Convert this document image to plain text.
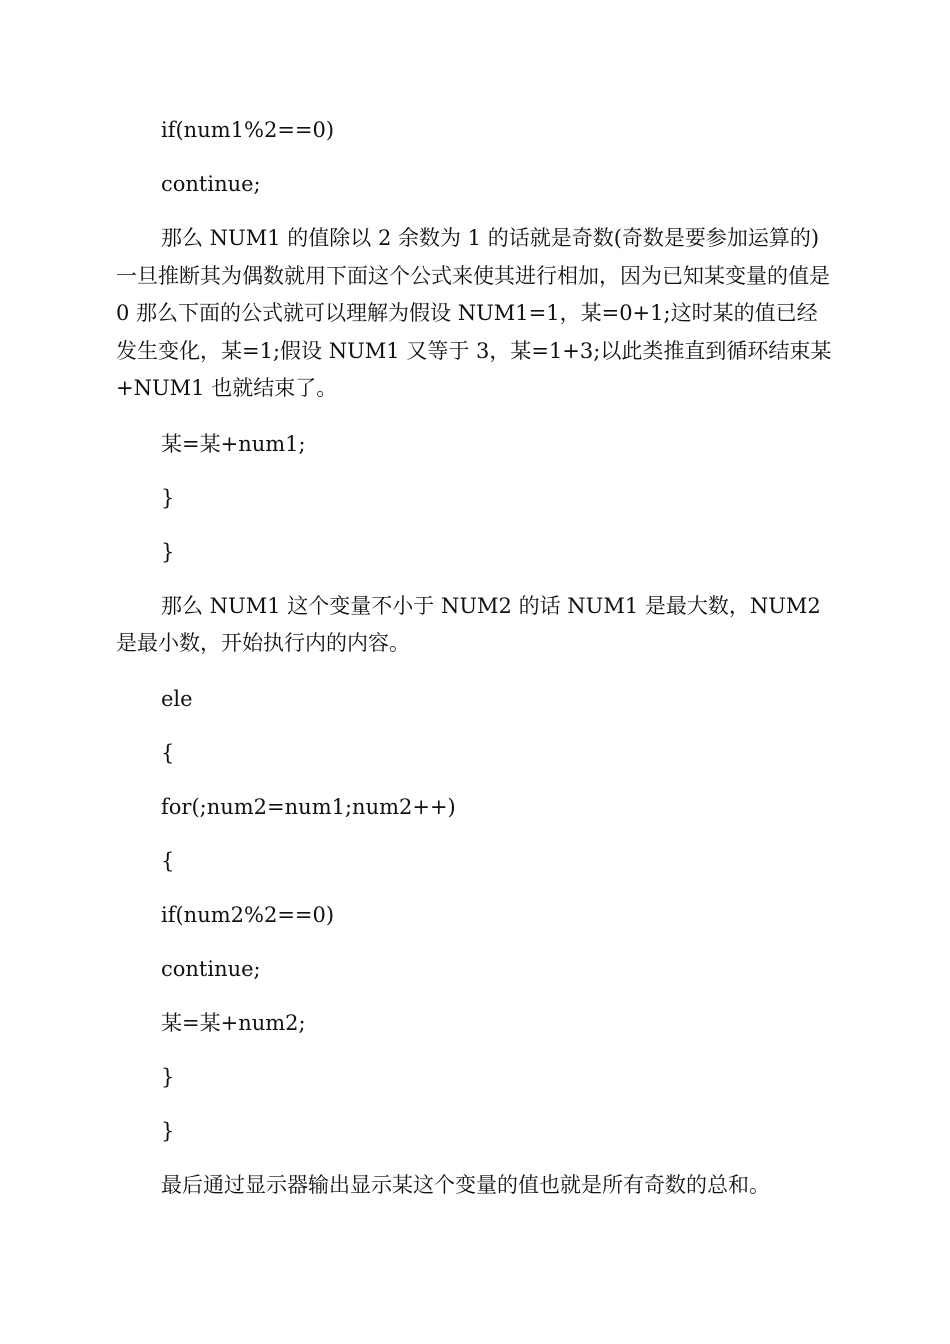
if(num1%2==0)
continue;
那么 NUM1 的值除以 2 余数为 1 的话就是奇数(奇数是要参加运算的)一旦推断其为偶数就用下面这个公式来使其进行相加，因为已知某变量的值是 0 那么下面的公式就可以理解为假设 NUM1=1，某=0+1;这时某的值已经发生变化，某=1;假设 NUM1 又等于 3，某=1+3;以此类推直到循环结束某+NUM1 也就结束了。
某=某+num1;
}
}
那么 NUM1 这个变量不小于 NUM2 的话 NUM1 是最大数，NUM2 是最小数，开始执行内的内容。
ele
{
for(;num2=num1;num2++)
{
if(num2%2==0)
continue;
某=某+num2;
}
}
最后通过显示器输出显示某这个变量的值也就是所有奇数的总和。
